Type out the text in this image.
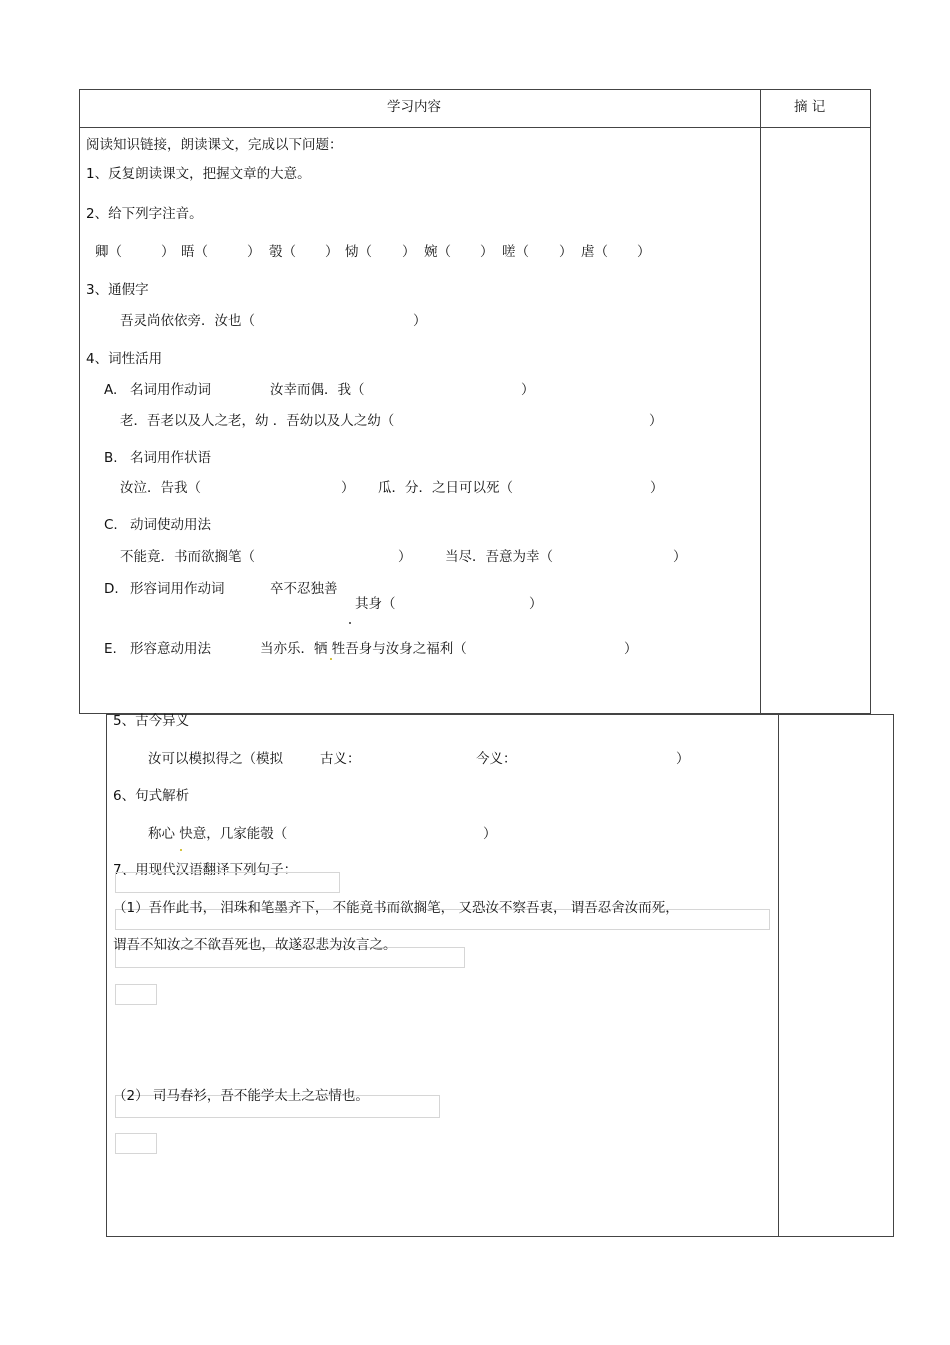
学习内容	摘 记
阅读知识链接，朗读课文，完成以下问题：
1、反复朗读课文，把握文章的大意。
2、给下列字注音。
卿（	） 晤（	） 彀（ ） 恸（ ） 婉（ ） 嗟（ ） 虐（ ）
3、通假字
吾灵尚依依旁．汝也（	）
4、词性活用
A. 名词用作动词	汝幸而偶．我（	）
老．吾老以及人之老，幼 ．吾幼以及人之幼（	）
B. 名词用作状语
汝泣．告我（	） 瓜．分．之日可以死（	）
C. 动词使动用法
不能竟．书而欲搁笔（	） 当尽．吾意为幸（	）
D. 形容词用作动词	卒不忍独善
其身（	）
E. 形容意动用法	当亦乐．牺 牲吾身与汝身之福利（	）
5、古今异义
汝可以模拟得之（模拟	古义：	今义：	）
6、句式解析
称心 快意，几家能彀（	）
7、用现代汉语翻译下列句子：
（1）吾作此书， 泪珠和笔墨齐下， 不能竟书而欲搁笔， 又恐汝不察吾衷， 谓吾忍舍汝而死，
谓吾不知汝之不欲吾死也，故遂忍悲为汝言之。
（2） 司马春衫，吾不能学太上之忘情也。
